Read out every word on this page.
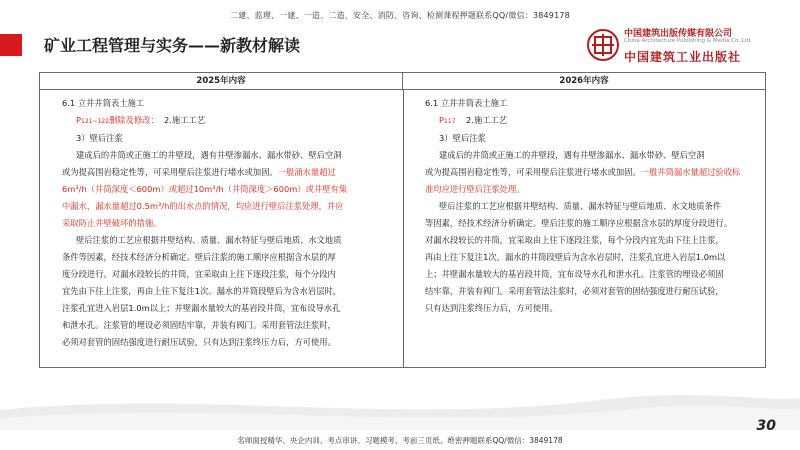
二建、监理、一建、一造、二造，安全、消防、咨询、检测课程押题联系QQ/微信：3849178
矿业工程管理与实务——新教材解读
中国建筑出版传媒有限公司
China Architecture Publishing & Media Co.,Ltd
中国建筑工业出版社
2025年内容	2026年内容
6.1 立井井筒表土施工
P121~122删除及修改： 2.施工工艺
3）壁后注浆
建成后的井筒或正施工的井壁段，遇有井壁渗漏水、漏水带砂、壁后空洞
或为提高围岩稳定性等，可采用壁后注浆进行堵水或加固。一般涌水量超过
6m³/h（井筒深度＜600m）或超过10m³/h（井筒深度＞600m）或井壁有集
中漏水，漏水量超过0.5m³/h的出水点的情况，均应进行壁后注浆处理，并应
采取防止井壁破坏的措施。
壁后注浆的工艺应根据井壁结构、质量、漏水特征与壁后地质、水文地质
条件等因素，经技术经济分析确定。壁后注浆的施工顺序应根据含水层的厚
度分段进行。对漏水段较长的井筒，宜采取由上往下逐段注浆，每个分段内
宜先由下往上注浆，再由上往下复注1次。漏水的井筒段壁后为含水岩层时，
注浆孔宜进入岩层1.0m以上；井壁漏水量较大的基岩段井筒，宜布设导水孔
和泄水孔。注浆管的埋设必须固结牢靠，并装有阀门。采用套管法注浆时，
必须对套管的固结强度进行耐压试验，只有达到注浆终压力后，方可使用。
6.1 立井井筒表土施工
P117 2.施工工艺
3）壁后注浆
建成后的井筒或正施工的井壁段，遇有井壁渗漏水、漏水带砂、壁后空洞
或为提高围岩稳定性等，可采用壁后注浆进行堵水或加固。一般井筒漏水量超过验收标
准均应进行壁后注浆处理。
壁后注浆的工艺应根据井壁结构、质量、漏水特征与壁后地质、水文地质条件
等因素，经技术经济分析确定。壁后注浆的施工顺序应根据含水层的厚度分段进行。
对漏水段较长的井筒，宜采取由上往下逐段注浆，每个分段内宜先由下往上注浆，
再由上往下复注1次。漏水的井筒段壁后为含水岩层时，注浆孔宜进入岩层1.0m以
上；井壁漏水量较大的基岩段井筒，宜布设导水孔和泄水孔。注浆管的埋设必须固
结牢靠，并装有阀门。采用套管法注浆时，必须对套管的固结强度进行耐压试验，
只有达到注浆终压力后，方可使用。
名师面授精华、央企内训、考点串讲、习题模考、考前三页纸、绝密押题联系QQ/微信：3849178
30
